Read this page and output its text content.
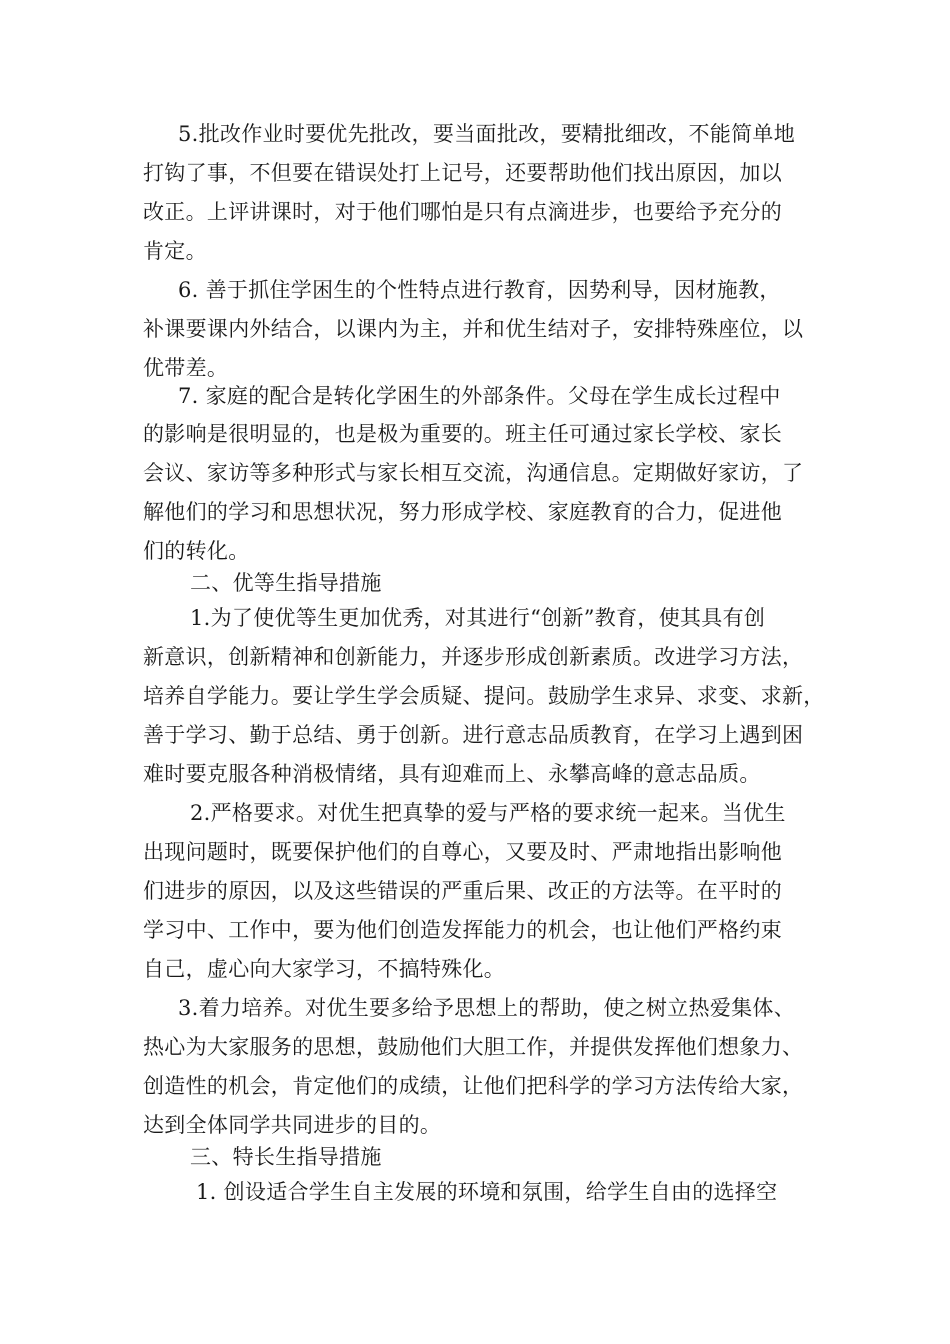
5.批改作业时要优先批改，要当面批改，要精批细改，不能简单地
打钩了事，不但要在错误处打上记号，还要帮助他们找出原因，加以
改正。上评讲课时，对于他们哪怕是只有点滴进步，也要给予充分的
肯定。
6. 善于抓住学困生的个性特点进行教育，因势利导，因材施教，
补课要课内外结合，以课内为主，并和优生结对子，安排特殊座位，以
优带差。
7. 家庭的配合是转化学困生的外部条件。父母在学生成长过程中
的影响是很明显的，也是极为重要的。班主任可通过家长学校、家长
会议、家访等多种形式与家长相互交流，沟通信息。定期做好家访，了
解他们的学习和思想状况，努力形成学校、家庭教育的合力，促进他
们的转化。
二、优等生指导措施
1.为了使优等生更加优秀，对其进行“创新”教育，使其具有创
新意识，创新精神和创新能力，并逐步形成创新素质。改进学习方法，
培养自学能力。要让学生学会质疑、提问。鼓励学生求异、求变、求新，
善于学习、勤于总结、勇于创新。进行意志品质教育，在学习上遇到困
难时要克服各种消极情绪，具有迎难而上、永攀高峰的意志品质。
2.严格要求。对优生把真挚的爱与严格的要求统一起来。当优生
出现问题时，既要保护他们的自尊心，又要及时、严肃地指出影响他
们进步的原因，以及这些错误的严重后果、改正的方法等。在平时的
学习中、工作中，要为他们创造发挥能力的机会，也让他们严格约束
自己，虚心向大家学习，不搞特殊化。
3.着力培养。对优生要多给予思想上的帮助，使之树立热爱集体、
热心为大家服务的思想，鼓励他们大胆工作，并提供发挥他们想象力、
创造性的机会，肯定他们的成绩，让他们把科学的学习方法传给大家，
达到全体同学共同进步的目的。
三、特长生指导措施
1. 创设适合学生自主发展的环境和氛围，给学生自由的选择空
